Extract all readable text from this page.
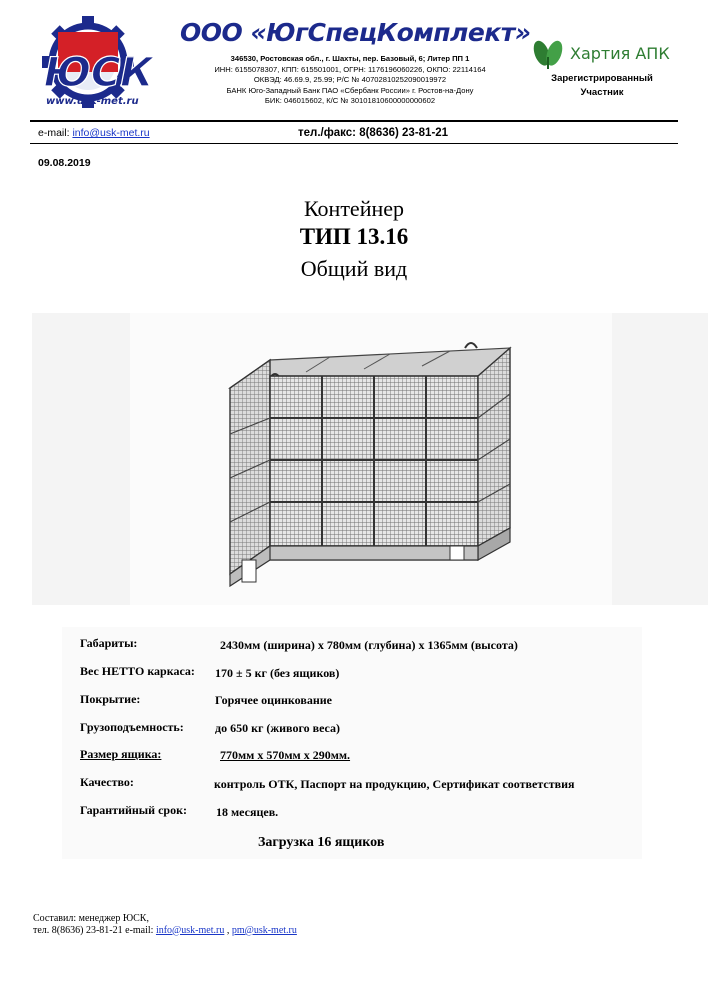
ЮСК
www.usk-met.ru
ООО «ЮгСпецКомплект»
346530, Ростовская обл., г. Шахты, пер. Базовый, 6; Литер ПП 1
ИНН: 6155078307, КПП: 615501001, ОГРН: 1176196060226, ОКПО: 22114164
ОКВЭД: 46.69.9, 25.99; Р/С № 40702810252090019972
БАНК Юго-Западный Банк ПАО «Сбербанк России» г. Ростов-на-Дону
БИК: 046015602, К/С № 30101810600000000602
Хартия АПК
Зарегистрированный
Участник
e-mail: info@usk-met.ru	тел./факс: 8(8636) 23-81-21
09.08.2019
Контейнер
ТИП 13.16
Общий вид
Габариты:	2430мм (ширина) х 780мм (глубина) х 1365мм (высота)
Вес НЕТТО каркаса: 170 ± 5 кг (без ящиков)
Покрытие:	Горячее оцинкование
Грузоподъемность:	до 650 кг (живого веса)
Размер ящика:	770мм х 570мм х 290мм.
Качество:	контроль ОТК, Паспорт на продукцию, Сертификат соответствия
Гарантийный срок: 18 месяцев.
Загрузка 16 ящиков
Составил: менеджер ЮСК,
тел. 8(8636) 23-81-21 e-mail: info@usk-met.ru , pm@usk-met.ru
